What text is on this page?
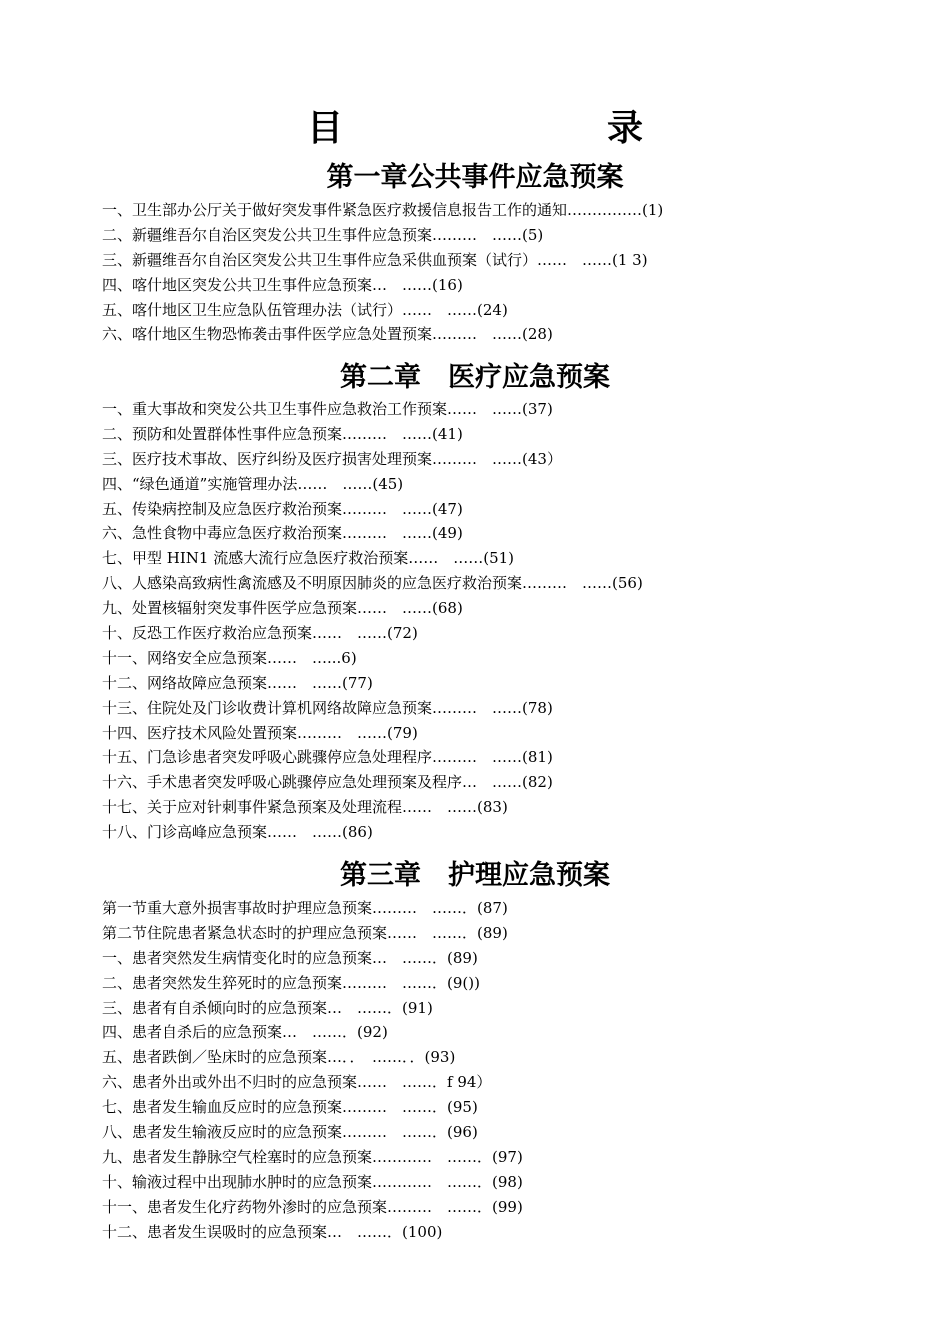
目　　录
第一章公共事件应急预案
一、卫生部办公厅关于做好突发事件紧急医疗救援信息报告工作的通知……………(1)
二、新疆维吾尔自治区突发公共卫生事件应急预案………　……(5)
三、新疆维吾尔自治区突发公共卫生事件应急采供血预案（试行）……　……(1 3)
四、喀什地区突发公共卫生事件应急预案…　……(16)
五、喀什地区卫生应急队伍管理办法（试行）……　……(24)
六、喀什地区生物恐怖袭击事件医学应急处置预案………　……(28)
第二章　医疗应急预案
一、重大事故和突发公共卫生事件应急救治工作预案……　……(37)
二、预防和处置群体性事件应急预案………　……(41)
三、医疗技术事故、医疗纠纷及医疗损害处理预案………　……(43）
四、“绿色通道”实施管理办法……　……(45)
五、传染病控制及应急医疗救治预案………　……(47)
六、急性食物中毒应急医疗救治预案………　……(49)
七、甲型 HIN1 流感大流行应急医疗救治预案……　……(51)
八、人感染高致病性禽流感及不明原因肺炎的应急医疗救治预案………　……(56)
九、处置核辐射突发事件医学应急预案……　……(68)
十、反恐工作医疗救治应急预案……　……(72)
十一、网络安全应急预案……　…...6)
十二、网络故障应急预案……　……(77)
十三、住院处及门诊收费计算机网络故障应急预案………　……(78)
十四、医疗技术风险处置预案………　……(79)
十五、门急诊患者突发呼吸心跳骤停应急处理程序………　……(81)
十六、手术患者突发呼吸心跳骤停应急处理预案及程序…　……(82)
十七、关于应对针刺事件紧急预案及处理流程……　……(83)
十八、门诊高峰应急预案……　……(86)
第三章　护理应急预案
第一节重大意外损害事故时护理应急预案………　……．(87)
第二节住院患者紧急状态时的护理应急预案……　……．(89)
一、患者突然发生病情变化时的应急预案…　……．(89)
二、患者突然发生猝死时的应急预案………　……．(9())
三、患者有自杀倾向时的应急预案…　……．(91)
四、患者自杀后的应急预案…　……．(92)
五、患者跌倒／坠床时的应急预案…．．　……．．(93)
六、患者外出或外出不归时的应急预案……　……．f 94）
七、患者发生输血反应时的应急预案………　……．(95)
八、患者发生输液反应时的应急预案………　……．(96)
九、患者发生静脉空气栓塞时的应急预案…………　……．(97)
十、输液过程中出现肺水肿时的应急预案…………　……．(98)
十一、患者发生化疗药物外渗时的应急预案………　……．(99)
十二、患者发生误吸时的应急预案…　……．(100)
